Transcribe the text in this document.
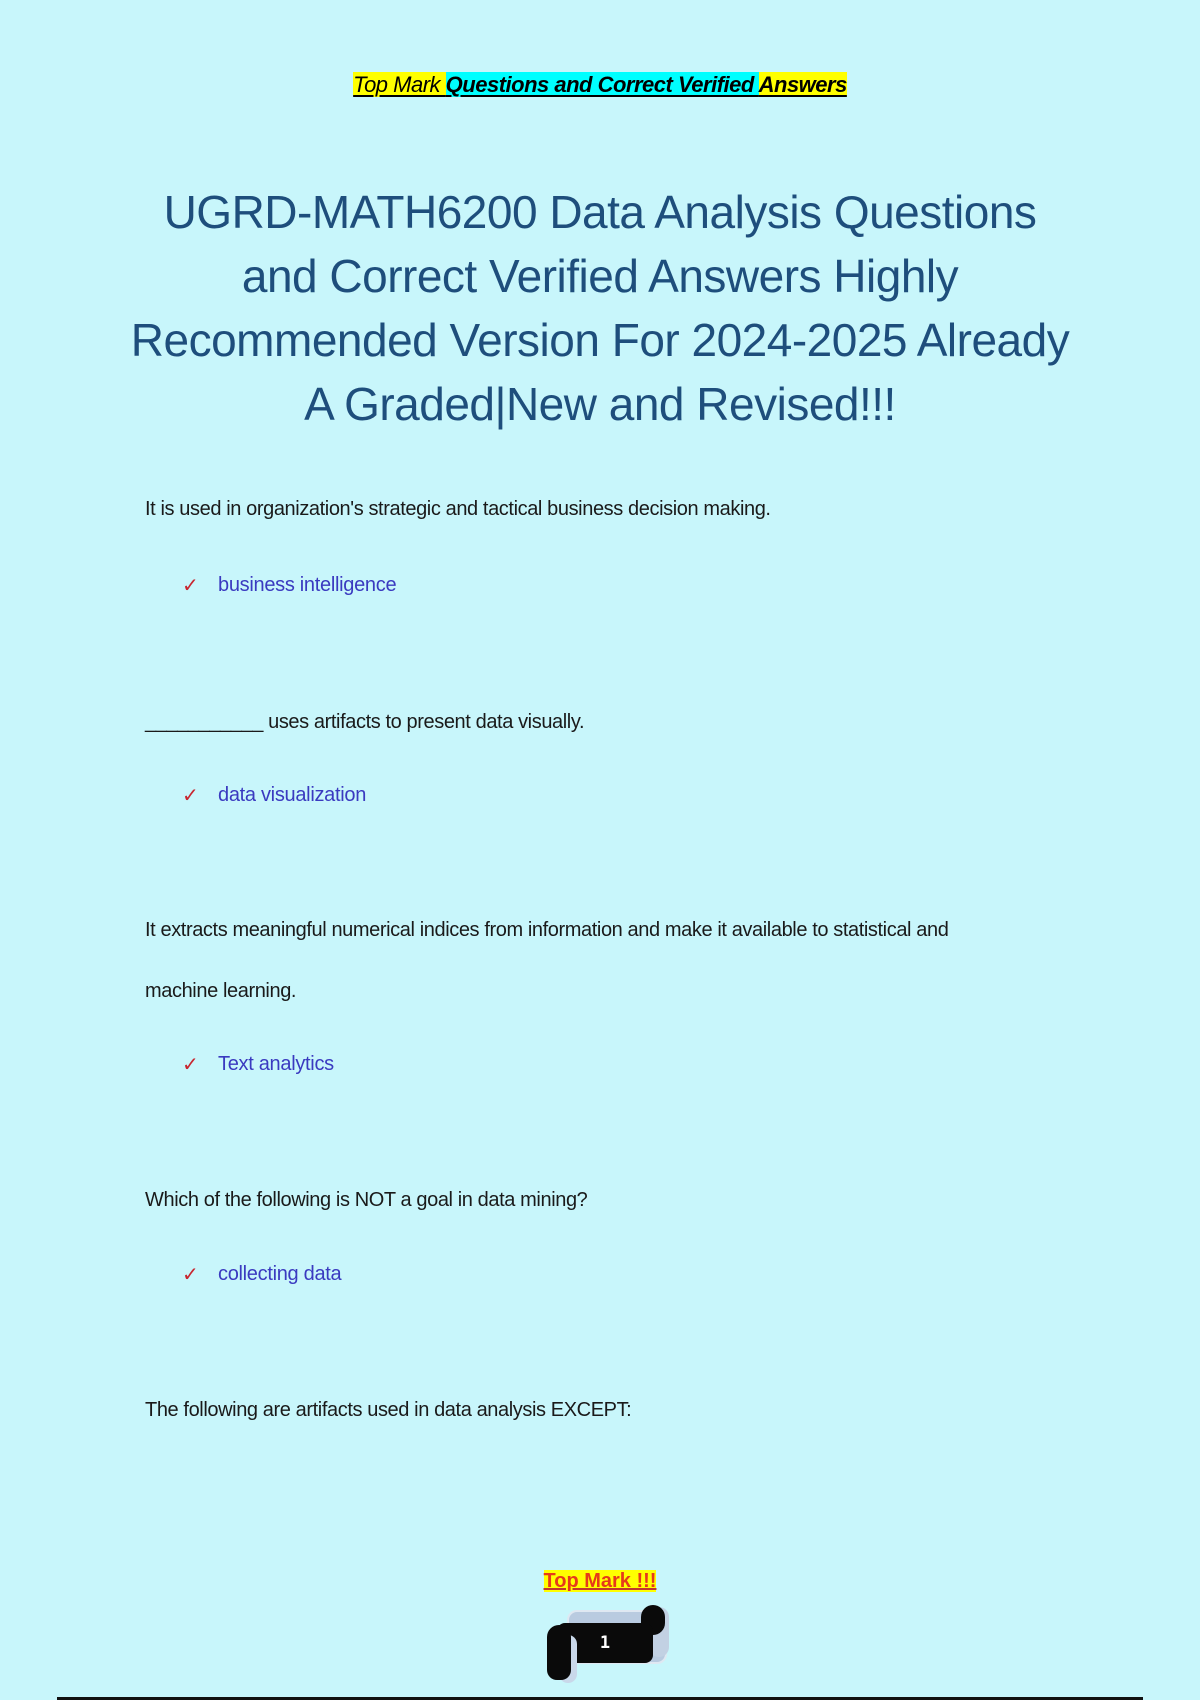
Top Mark Questions and Correct Verified Answers
UGRD-MATH6200 Data Analysis Questions and Correct Verified Answers Highly Recommended Version For 2024-2025 Already A Graded|New and Revised!!!
It is used in organization's strategic and tactical business decision making.
✓ business intelligence
___________ uses artifacts to present data visually.
✓ data visualization
It extracts meaningful numerical indices from information and make it available to statistical and machine learning.
✓ Text analytics
Which of the following is NOT a goal in data mining?
✓ collecting data
The following are artifacts used in data analysis EXCEPT:
Top Mark !!!
1
